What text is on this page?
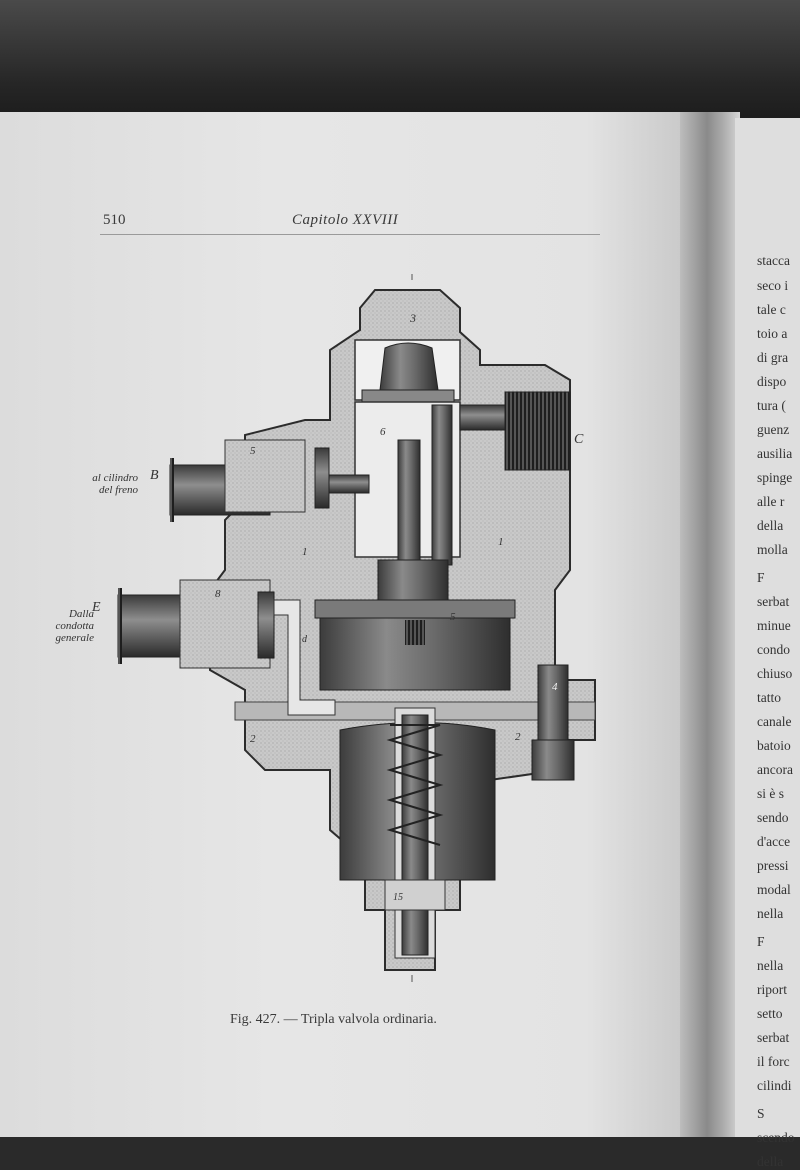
510	Capitolo XXVIII
3
6
1
1
2	2
5
d
15
5
8
4
al cilindro del freno
B
Dalla condotta generale
E
C
Fig. 427. — Tripla valvola ordinaria.
stacca
seco i
tale c
toio a
di gra
dispo
tura (
guenz
ausilia
spinge
alle r
della
molla
F
serbat
minue
condo
chiuso
tatto
canale
batoio
ancora
si è s
sendo
d'acce
pressi
modal
nella
F
nella
riport
setto
serbat
il forc
cilindi
S
scendo
della
